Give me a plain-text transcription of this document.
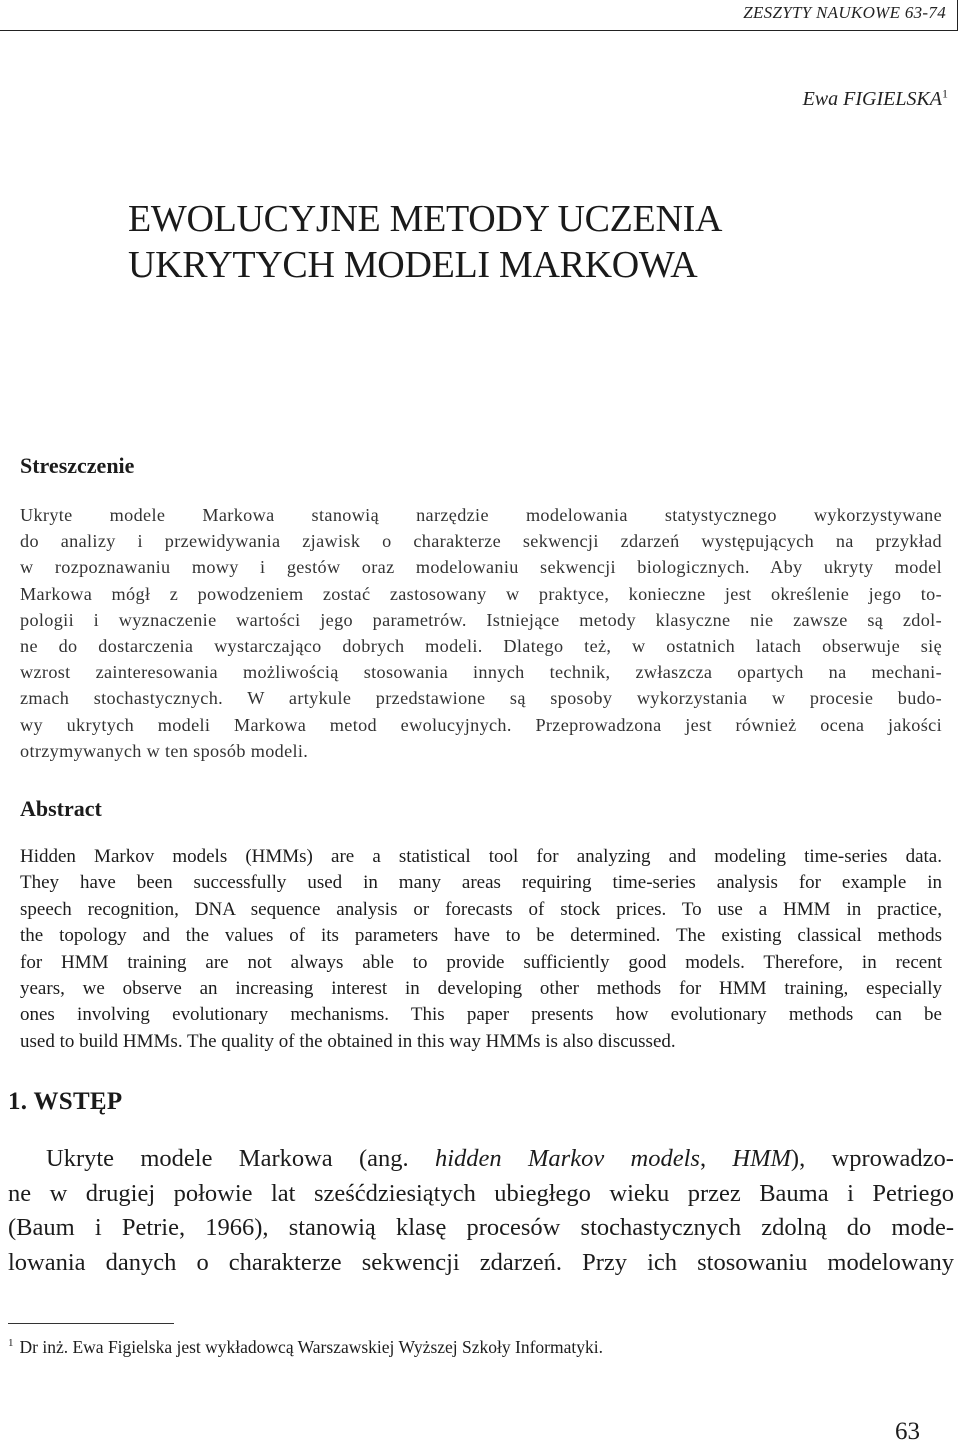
ZESZYTY NAUKOWE 63-74
Ewa FIGIELSKA$^1$
EWOLUCYJNE METODY UCZENIA
UKRYTYCH MODELI MARKOWA
Streszczenie
Ukryte modele Markowa stanowią narzędzie modelowania statystycznego wykorzystywane
do analizy i przewidywania zjawisk o charakterze sekwencji zdarzeń występujących na przykład
w rozpoznawaniu mowy i gestów oraz modelowaniu sekwencji biologicznych. Aby ukryty model
Markowa mógł z powodzeniem zostać zastosowany w praktyce, konieczne jest określenie jego to-
pologii i wyznaczenie wartości jego parametrów. Istniejące metody klasyczne nie zawsze są zdol-
ne do dostarczenia wystarczająco dobrych modeli. Dlatego też, w ostatnich latach obserwuje się
wzrost zainteresowania możliwością stosowania innych technik, zwłaszcza opartych na mechani-
zmach stochastycznych. W artykule przedstawione są sposoby wykorzystania w procesie budo-
wy ukrytych modeli Markowa metod ewolucyjnych. Przeprowadzona jest również ocena jakości
otrzymywanych w ten sposób modeli.
Abstract
Hidden Markov models (HMMs) are a statistical tool for analyzing and modeling time-series data.
They have been successfully used in many areas requiring time-series analysis for example in
speech recognition, DNA sequence analysis or forecasts of stock prices. To use a HMM in practice,
the topology and the values of its parameters have to be determined. The existing classical methods
for HMM training are not always able to provide sufficiently good models. Therefore, in recent
years, we observe an increasing interest in developing other methods for HMM training, especially
ones involving evolutionary mechanisms. This paper presents how evolutionary methods can be
used to build HMMs. The quality of the obtained in this way HMMs is also discussed.
1. WSTĘP
Ukryte modele Markowa (ang. hidden Markov models, HMM), wprowadzo-
ne w drugiej połowie lat sześćdziesiątych ubiegłego wieku przez Bauma i Petriego
(Baum i Petrie, 1966), stanowią klasę procesów stochastycznych zdolną do mode-
lowania danych o charakterze sekwencji zdarzeń. Przy ich stosowaniu modelowany
$^1$ Dr inż. Ewa Figielska jest wykładowcą Warszawskiej Wyższej Szkoły Informatyki.
63
